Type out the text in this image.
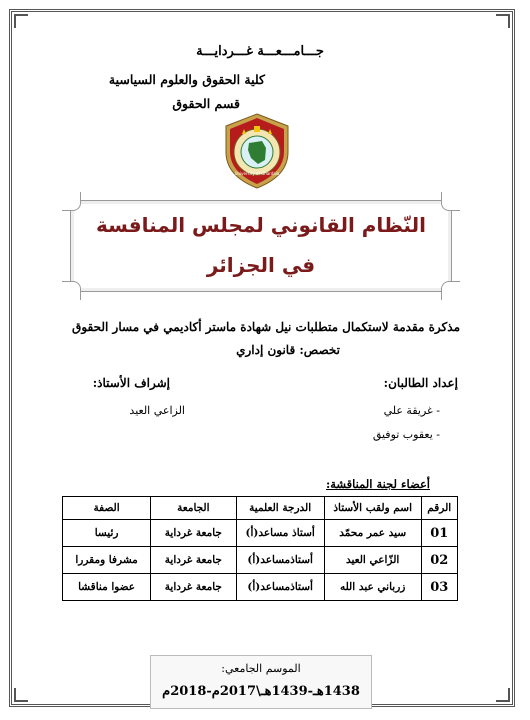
جـــامـــعـــة غـــردايـــة
كلية الحقوق والعلوم السياسية
قسم الحقوق
University of Ghardaia
النّظام القانوني لمجلس المنافسة
في الجزائر
مذكرة مقدمة لاستكمال متطلبات نيل شهادة ماستر أكاديمي في مسار الحقوق
تخصص: قانون إداري
إعداد الطالبان:
إشراف الأستاذ:
- غريقة علي
- يعقوب توفيق
الزاعي العيد
أعضاء لجنة المناقشة:
الرقم	اسم ولقب الأستاذ	الدرجة العلمية	الجامعة	الصفة
01	سيد عمر محمّد	أستاذ مساعد(أ)	جامعة غرداية	رئيسا
02	الزّاعي العيد	أستاذمساعد(أ)	جامعة غرداية	مشرفا ومقررا
03	زرباني عبد الله	أستاذمساعد(أ)	جامعة غرداية	عضوا مناقشا
الموسم الجامعي:
1438هـ-1439هـ\2017م-2018م
